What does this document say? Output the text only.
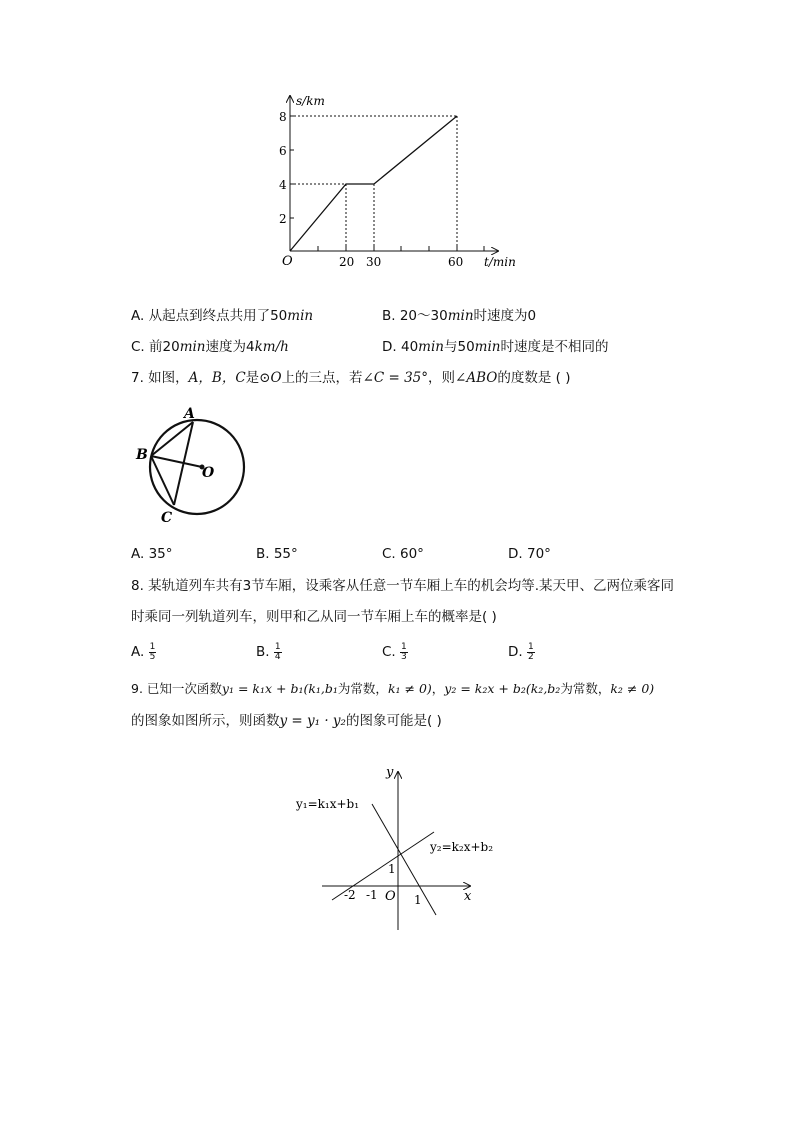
s/km
t/min
O
2
4
6
8
20 30	60
A. 从起点到终点共用了50min	B. 20～30min时速度为0
C. 前20min速度为4km/h	D. 40min与50min时速度是不相同的
7. 如图，A，B，C是⊙O上的三点，若∠C = 35°，则∠ABO的度数是 ( )
A
B
C
O
A. 35°	B. 55°	C. 60°	D. 70°
8. 某轨道列车共有3节车厢，设乘客从任意一节车厢上车的机会均等.某天甲、乙两位乘客同
时乘同一列轨道列车，则甲和乙从同一节车厢上车的概率是( )
A. $\frac{1}{5}$	B. $\frac{1}{4}$	C. $\frac{1}{3}$	D. $\frac{1}{2}$
9. 已知一次函数y₁ = k₁x + b₁(k₁,b₁为常数，k₁ ≠ 0)，y₂ = k₂x + b₂(k₂,b₂为常数，k₂ ≠ 0)
的图象如图所示，则函数y = y₁ · y₂的图象可能是( )
y
x
O
y₁=k₁x+b₁
y₂=k₂x+b₂
-2 -1
1
1
